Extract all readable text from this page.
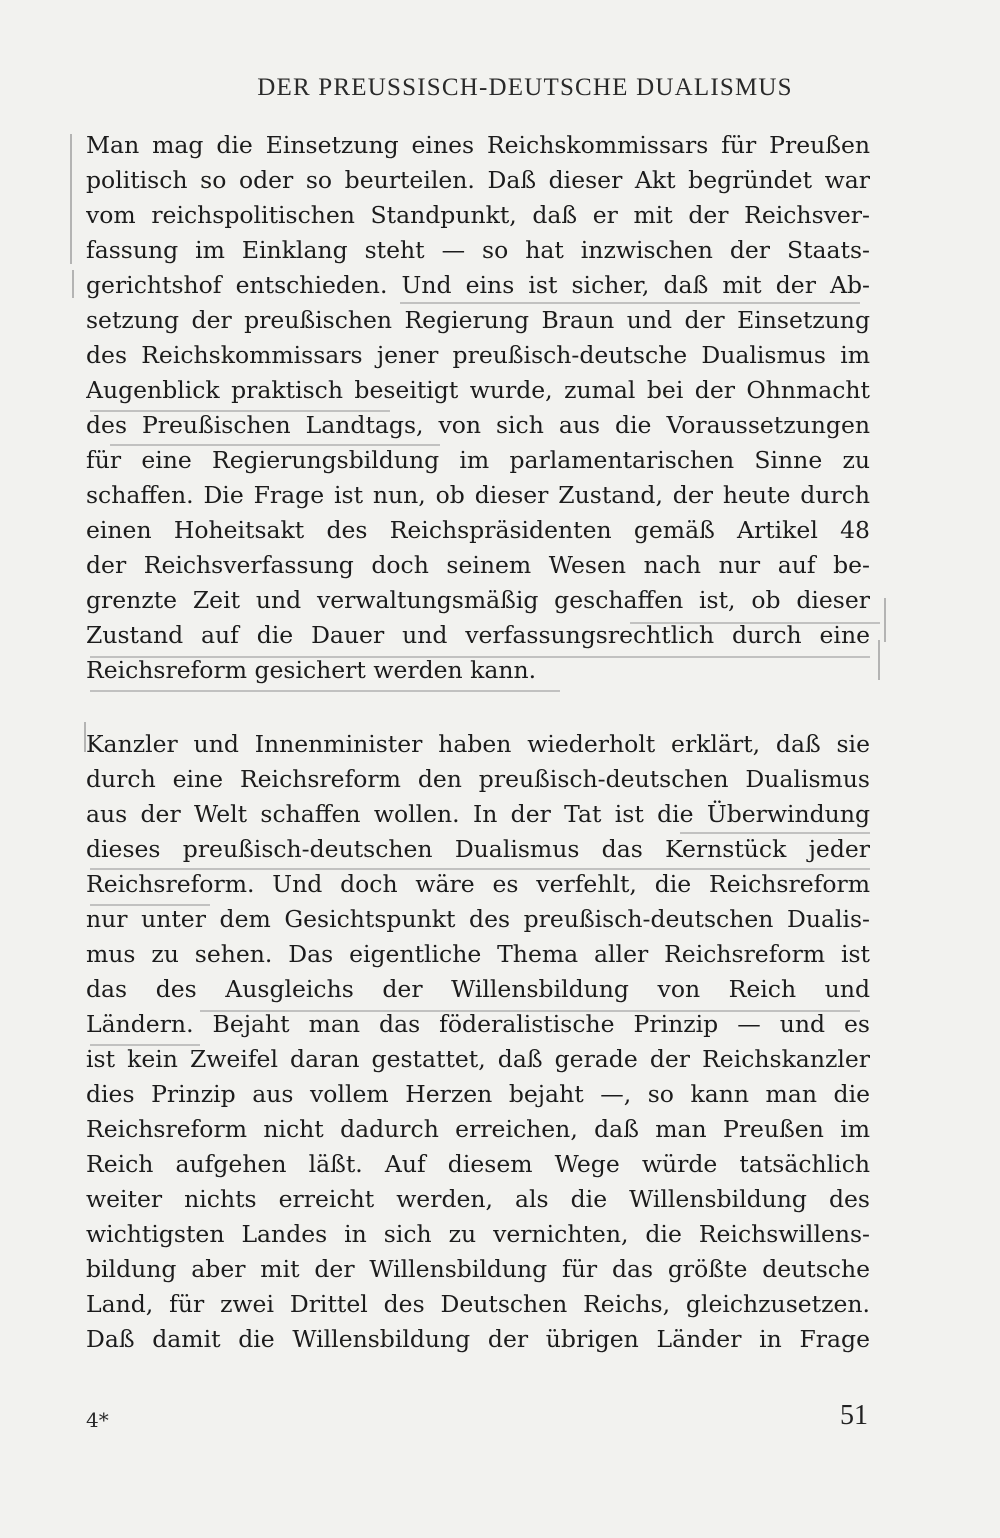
DER PREUSSISCH-DEUTSCHE DUALISMUS
Man mag die Einsetzung eines Reichskommissars für Preußen
politisch so oder so beurteilen. Daß dieser Akt begründet war
vom reichspolitischen Standpunkt, daß er mit der Reichsver-
fassung im Einklang steht — so hat inzwischen der Staats-
gerichtshof entschieden. Und eins ist sicher, daß mit der Ab-
setzung der preußischen Regierung Braun und der Einsetzung
des Reichskommissars jener preußisch-deutsche Dualismus im
Augenblick praktisch beseitigt wurde, zumal bei der Ohnmacht
des Preußischen Landtags, von sich aus die Voraussetzungen
für eine Regierungsbildung im parlamentarischen Sinne zu
schaffen. Die Frage ist nun, ob dieser Zustand, der heute durch
einen Hoheitsakt des Reichspräsidenten gemäß Artikel 48
der Reichsverfassung doch seinem Wesen nach nur auf be-
grenzte Zeit und verwaltungsmäßig geschaffen ist, ob dieser
Zustand auf die Dauer und verfassungsrechtlich durch eine
Reichsreform gesichert werden kann.
Kanzler und Innenminister haben wiederholt erklärt, daß sie
durch eine Reichsreform den preußisch-deutschen Dualismus
aus der Welt schaffen wollen. In der Tat ist die Überwindung
dieses preußisch-deutschen Dualismus das Kernstück jeder
Reichsreform. Und doch wäre es verfehlt, die Reichsreform
nur unter dem Gesichtspunkt des preußisch-deutschen Dualis-
mus zu sehen. Das eigentliche Thema aller Reichsreform ist
das des Ausgleichs der Willensbildung von Reich und
Ländern. Bejaht man das föderalistische Prinzip — und es
ist kein Zweifel daran gestattet, daß gerade der Reichskanzler
dies Prinzip aus vollem Herzen bejaht —, so kann man die
Reichsreform nicht dadurch erreichen, daß man Preußen im
Reich aufgehen läßt. Auf diesem Wege würde tatsächlich
weiter nichts erreicht werden, als die Willensbildung des
wichtigsten Landes in sich zu vernichten, die Reichswillens-
bildung aber mit der Willensbildung für das größte deutsche
Land, für zwei Drittel des Deutschen Reichs, gleichzusetzen.
Daß damit die Willensbildung der übrigen Länder in Frage
4*	51
